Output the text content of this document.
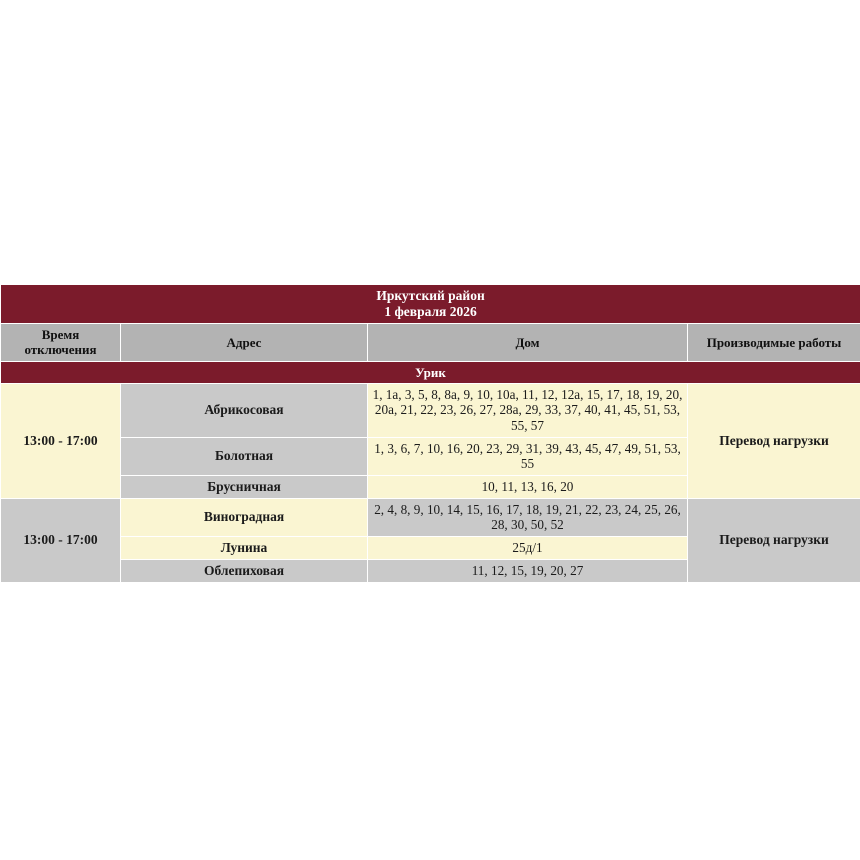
Иркутский район
1 февраля 2026			

Время отключения	Адрес	Дом	Производимые работы
Урик			
13:00 - 17:00	Абрикосовая	1, 1а, 3, 5, 8, 8а, 9, 10, 10а, 11, 12, 12а, 15, 17, 18, 19, 20, 20а, 21, 22, 23, 26, 27, 28а, 29, 33, 37, 40, 41, 45, 51, 53, 55, 57	Перевод нагрузки
	Болотная	1, 3, 6, 7, 10, 16, 20, 23, 29, 31, 39, 43, 45, 47, 49, 51, 53, 55	
	Брусничная	10, 11, 13, 16, 20	
13:00 - 17:00	Виноградная	2, 4, 8, 9, 10, 14, 15, 16, 17, 18, 19, 21, 22, 23, 24, 25, 26, 28, 30, 50, 52	Перевод нагрузки
	Лунина	25д/1	
	Облепиховая	11, 12, 15, 19, 20, 27	
